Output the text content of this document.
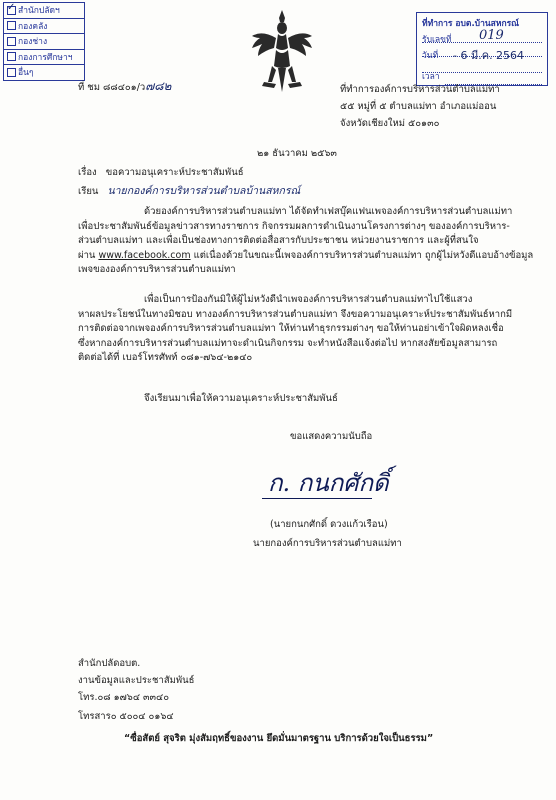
✓
สำนักปลัดฯ
กองคลัง
กองช่าง
กองการศึกษาฯ
อื่นๆ
ที่ทำการ อบต.บ้านสหกรณ์
รับเลขที่ 019
วันที่ - 6 มี.ค. 2564
เวลา
ที่ ชม ๘๘๔๐๑/ว๗๘๒	ที่ทำการองค์การบริหารส่วนตำบลแม่ทา
๕๕ หมู่ที่ ๕ ตำบลแม่ทา อำเภอแม่ออน
จังหวัดเชียงใหม่ ๕๐๑๓๐
๒๑ ธันวาคม ๒๕๖๓
เรื่อง ขอความอนุเคราะห์ประชาสัมพันธ์
เรียน นายกองค์การบริหารส่วนตำบลบ้านสหกรณ์
ด้วยองค์การบริหารส่วนตำบลแม่ทา ได้จัดทำเฟสบุ๊คแฟนเพจองค์การบริหารส่วนตำบลแม่ทา
เพื่อประชาสัมพันธ์ข้อมูลข่าวสารทางราชการ กิจกรรมผลการดำเนินงานโครงการต่างๆ ขององค์การบริหาร-
ส่วนตำบลแม่ทา และเพื่อเป็นช่องทางการติดต่อสื่อสารกับประชาชน หน่วยงานราชการ และผู้ที่สนใจ
ผ่าน www.facebook.com แต่เนื่องด้วยในขณะนี้เพจองค์การบริหารส่วนตำบลแม่ทา ถูกผู้ไม่หวังดีแอบอ้างข้อมูล
เพจขององค์การบริหารส่วนตำบลแม่ทา
เพื่อเป็นการป้องกันมิให้ผู้ไม่หวังดีนำเพจองค์การบริหารส่วนตำบลแม่ทาไปใช้แสวง
หาผลประโยชน์ในทางมิชอบ ทางองค์การบริหารส่วนตำบลแม่ทา จึงขอความอนุเคราะห์ประชาสัมพันธ์หากมี
การติดต่อจากเพจองค์การบริหารส่วนตำบลแม่ทา ให้ท่านทำธุรกรรมต่างๆ ขอให้ท่านอย่าเข้าใจผิดหลงเชื่อ
ซึ่งหากองค์การบริหารส่วนตำบลแม่ทาจะดำเนินกิจกรรม จะทำหนังสือแจ้งต่อไป หากสงสัยข้อมูลสามารถ
ติดต่อได้ที่ เบอร์โทรศัพท์ ๐๘๑-๗๖๔-๒๑๔๐
จึงเรียนมาเพื่อให้ความอนุเคราะห์ประชาสัมพันธ์
ขอแสดงความนับถือ
ก. กนกศักดิ์
(นายกนกศักดิ์ ดวงแก้วเรือน)
นายกองค์การบริหารส่วนตำบลแม่ทา
สำนักปลัดอบต.
งานข้อมูลและประชาสัมพันธ์
โทร.๐๘ ๑๗๖๔ ๓๓๔๐
โทรสาร๐ ๕๐๐๔ ๐๑๖๔
“ซื่อสัตย์ สุจริต มุ่งสัมฤทธิ์ของงาน ยึดมั่นมาตรฐาน บริการด้วยใจเป็นธรรม”
